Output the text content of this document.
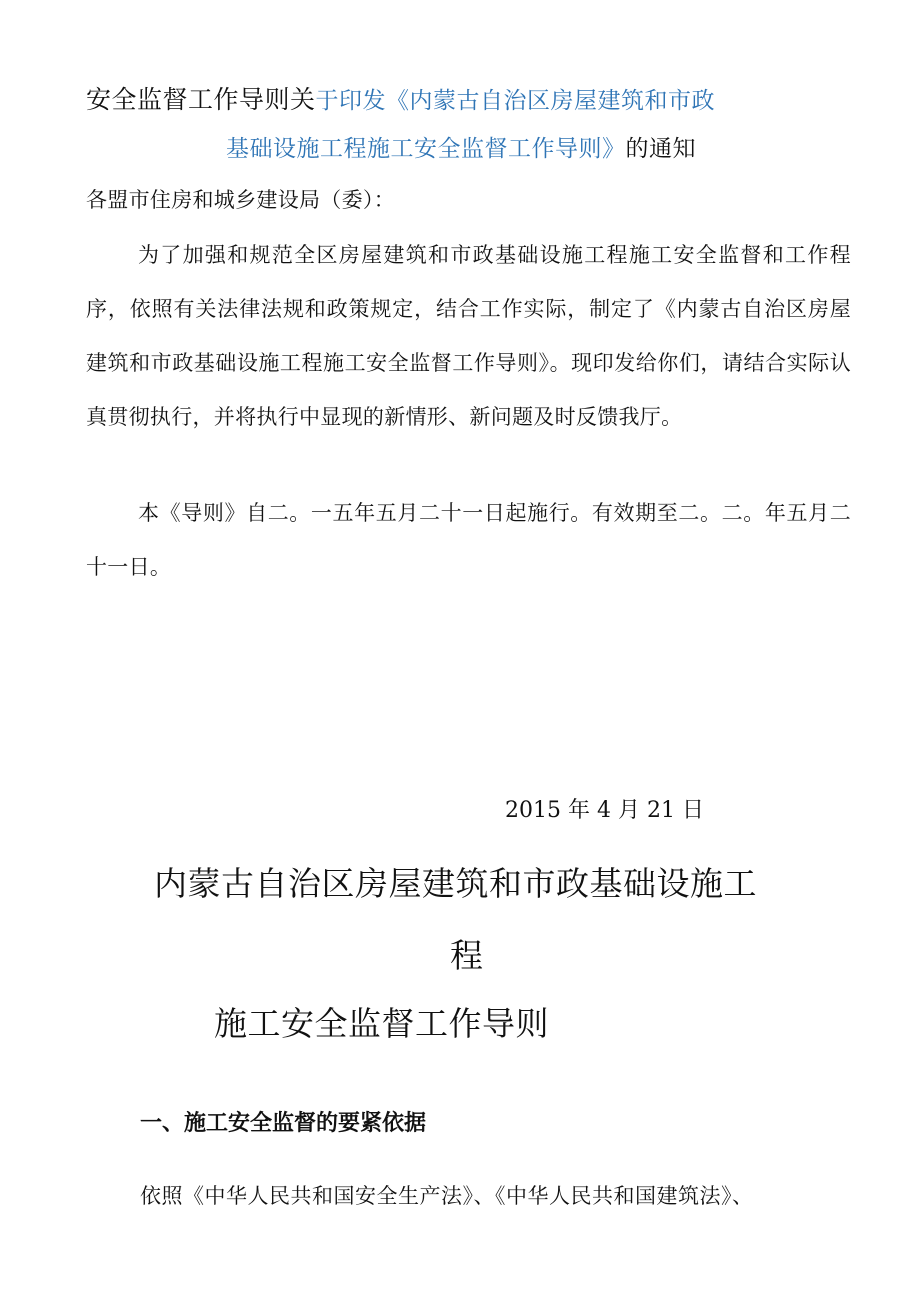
安全监督工作导则关于印发《内蒙古自治区房屋建筑和市政
基础设施工程施工安全监督工作导则》的通知
各盟市住房和城乡建设局（委）：
为了加强和规范全区房屋建筑和市政基础设施工程施工安全监督和工作程序，依照有关法律法规和政策规定，结合工作实际，制定了《内蒙古自治区房屋建筑和市政基础设施工程施工安全监督工作导则》。现印发给你们，请结合实际认真贯彻执行，并将执行中显现的新情形、新问题及时反馈我厅。
本《导则》自二。一五年五月二十一日起施行。有效期至二。二。年五月二十一日。
2015 年 4 月 21 日
内蒙古自治区房屋建筑和市政基础设施工
程
施工安全监督工作导则
一、施工安全监督的要紧依据
依照《中华人民共和国安全生产法》、《中华人民共和国建筑法》、
